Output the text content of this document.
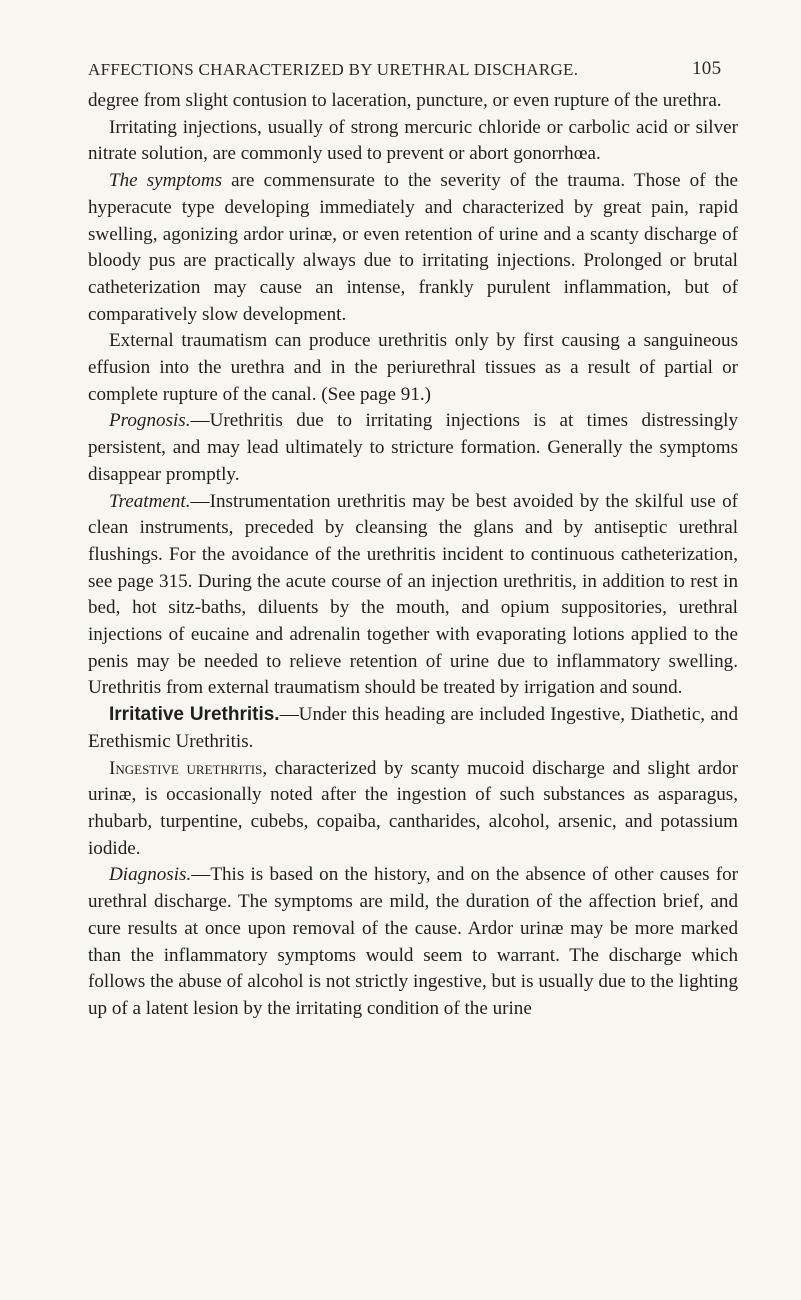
AFFECTIONS CHARACTERIZED BY URETHRAL DISCHARGE.	105

degree from slight contusion to laceration, puncture, or even rupture of the urethra.

Irritating injections, usually of strong mercuric chloride or carbolic acid or silver nitrate solution, are commonly used to prevent or abort gonorrhœa.

The symptoms are commensurate to the severity of the trauma. Those of the hyperacute type developing immediately and characterized by great pain, rapid swelling, agonizing ardor urinæ, or even retention of urine and a scanty discharge of bloody pus are practically always due to irritating injections. Prolonged or brutal catheterization may cause an intense, frankly purulent inflammation, but of comparatively slow development.

External traumatism can produce urethritis only by first causing a sanguineous effusion into the urethra and in the periurethral tissues as a result of partial or complete rupture of the canal. (See page 91.)

Prognosis.—Urethritis due to irritating injections is at times distressingly persistent, and may lead ultimately to stricture formation. Generally the symptoms disappear promptly.

Treatment.—Instrumentation urethritis may be best avoided by the skilful use of clean instruments, preceded by cleansing the glans and by antiseptic urethral flushings. For the avoidance of the urethritis incident to continuous catheterization, see page 315. During the acute course of an injection urethritis, in addition to rest in bed, hot sitz-baths, diluents by the mouth, and opium suppositories, urethral injections of eucaine and adrenalin together with evaporating lotions applied to the penis may be needed to relieve retention of urine due to inflammatory swelling. Urethritis from external traumatism should be treated by irrigation and sound.

Irritative Urethritis.—Under this heading are included Ingestive, Diathetic, and Erethismic Urethritis.

Ingestive urethritis, characterized by scanty mucoid discharge and slight ardor urinæ, is occasionally noted after the ingestion of such substances as asparagus, rhubarb, turpentine, cubebs, copaiba, cantharides, alcohol, arsenic, and potassium iodide.

Diagnosis.—This is based on the history, and on the absence of other causes for urethral discharge. The symptoms are mild, the duration of the affection brief, and cure results at once upon removal of the cause. Ardor urinæ may be more marked than the inflammatory symptoms would seem to warrant. The discharge which follows the abuse of alcohol is not strictly ingestive, but is usually due to the lighting up of a latent lesion by the irritating condition of the urine
